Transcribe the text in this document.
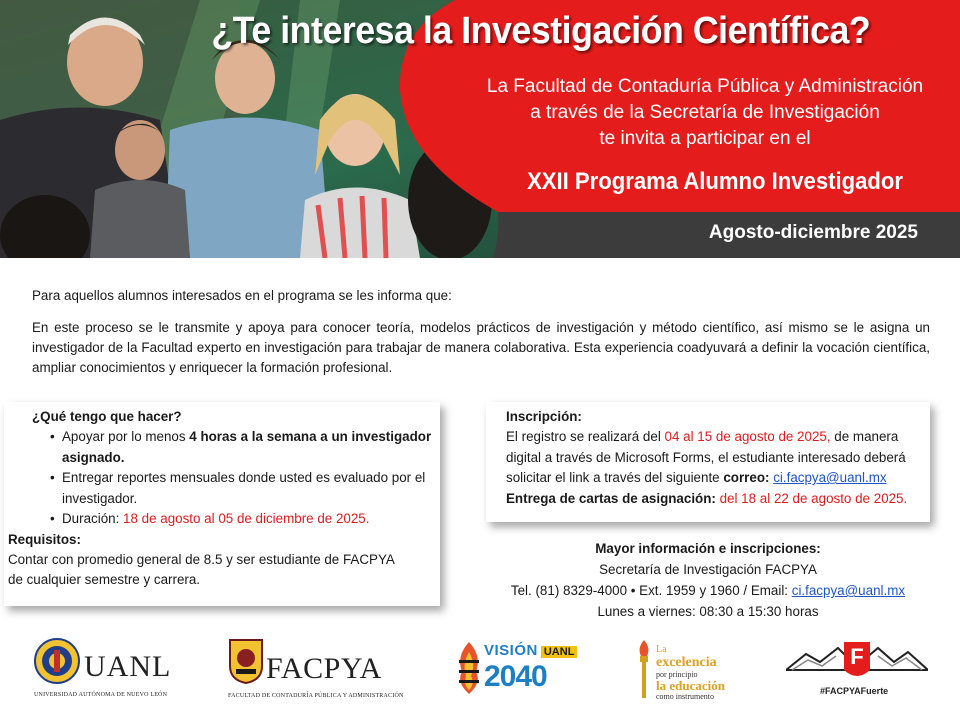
¿Te interesa la Investigación Científica?
La Facultad de Contaduría Pública y Administración
a través de la Secretaría de Investigación
te invita a participar en el
XXII Programa Alumno Investigador
Agosto-diciembre 2025

Para aquellos alumnos interesados en el programa se les informa que:

En este proceso se le transmite y apoya para conocer teoría, modelos prácticos de investigación y método científico, así mismo se le asigna un investigador de la Facultad experto en investigación para trabajar de manera colaborativa. Esta experiencia coadyuvará a definir la vocación científica, ampliar conocimientos y enriquecer la formación profesional.

¿Qué tengo que hacer?
• Apoyar por lo menos 4 horas a la semana a un investigador asignado.
• Entregar reportes mensuales donde usted es evaluado por el investigador.
• Duración: 18 de agosto al 05 de diciembre de 2025.
Requisitos:
Contar con promedio general de 8.5 y ser estudiante de FACPYA de cualquier semestre y carrera.
Inscripción:
El registro se realizará del 04 al 15 de agosto de 2025, de manera digital a través de Microsoft Forms, el estudiante interesado deberá solicitar el link a través del siguiente correo: ci.facpya@uanl.mx
Entrega de cartas de asignación: del 18 al 22 de agosto de 2025.
Mayor información e inscripciones:
Secretaría de Investigación FACPYA
Tel. (81) 8329-4000 • Ext. 1959 y 1960 / Email: ci.facpya@uanl.mx
Lunes a viernes: 08:30 a 15:30 horas
UANL
UNIVERSIDAD AUTÓNOMA DE NUEVO LEÓN
FACPYA
FACULTAD DE CONTADURÍA PÚBLICA Y ADMINISTRACIÓN
VISIÓN UANL
2040
La
excelencia
por principio
la educación
como instrumento
F
#FACPYAFuerte
